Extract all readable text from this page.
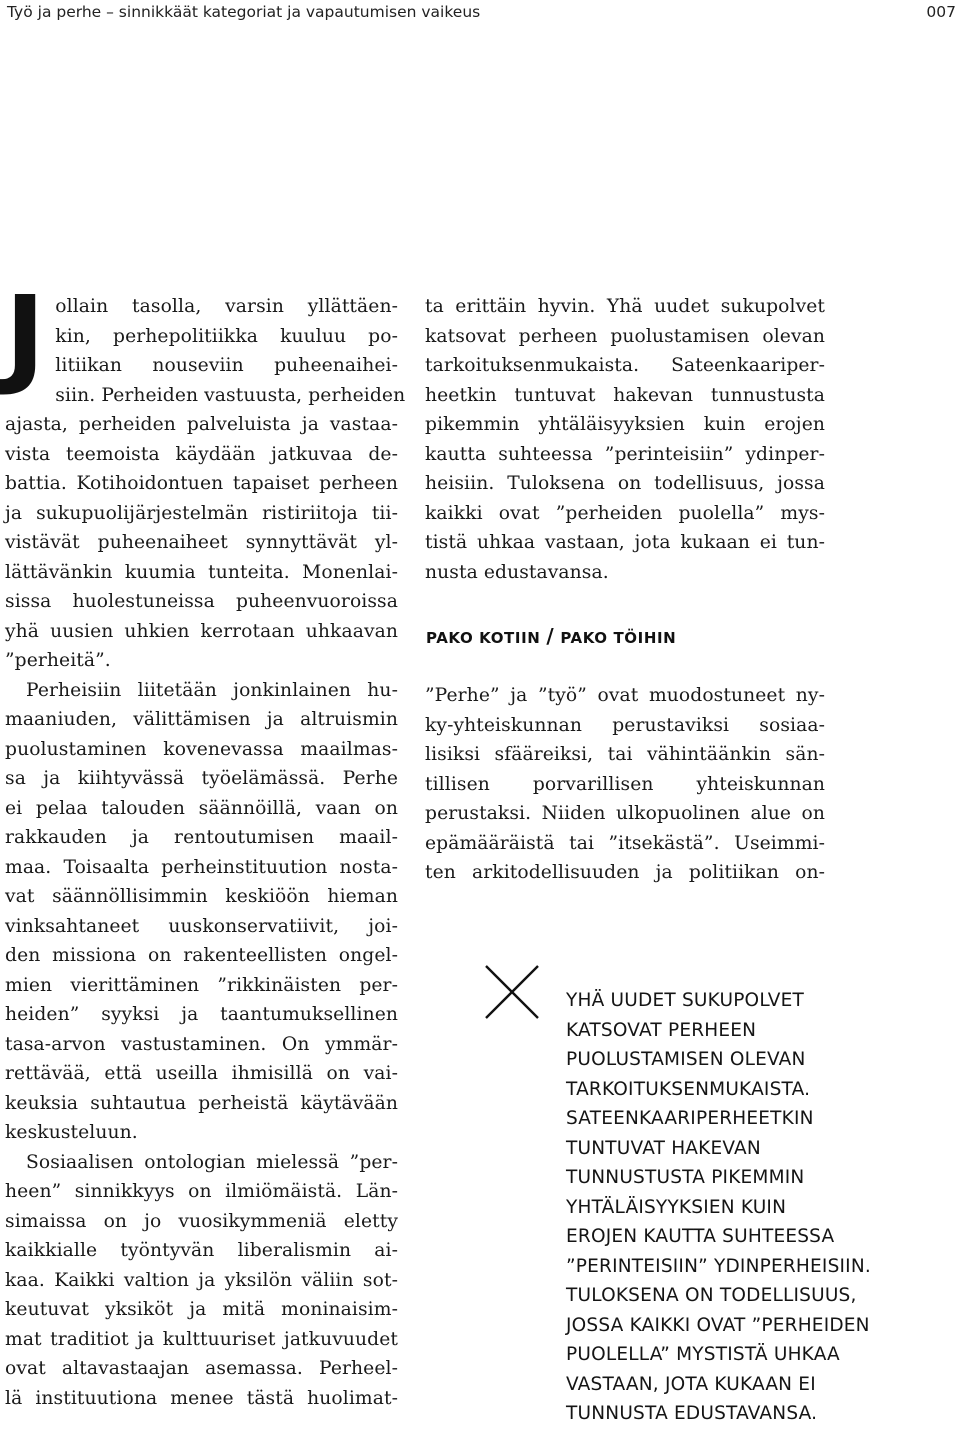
Työ ja perhe – sinnikkäät kategoriat ja vapautumisen vaikeus	007

J ollain tasolla, varsin yllättäen-
kin, perhepolitiikka kuuluu po-
litiikan nouseviin puheenaihei-
siin. Perheiden vastuusta, perheiden
ajasta, perheiden palveluista ja vastaa-
vista teemoista käydään jatkuvaa de-
battia. Kotihoidontuen tapaiset perheen
ja sukupuolijärjestelmän ristiriitoja tii-
vistävät puheenaiheet synnyttävät yl-
lättävänkin kuumia tunteita. Monenlai-
sissa huolestuneissa puheenvuoroissa
yhä uusien uhkien kerrotaan uhkaavan
”perheitä”.

Perheisiin liitetään jonkinlainen hu-
maaniuden, välittämisen ja altruismin
puolustaminen kovenevassa maailmas-
sa ja kiihtyvässä työelämässä. Perhe
ei pelaa talouden säännöillä, vaan on
rakkauden ja rentoutumisen maail-
maa. Toisaalta perheinstituution nosta-
vat säännöllisimmin keskiöön hieman
vinksahtaneet uuskonservatiivit, joi-
den missiona on rakenteellisten ongel-
mien vierittäminen ”rikkinäisten per-
heiden” syyksi ja taantumuksellinen
tasa-arvon vastustaminen. On ymmär-
rettävää, että useilla ihmisillä on vai-
keuksia suhtautua perheistä käytävään
keskusteluun.

Sosiaalisen ontologian mielessä ”per-
heen” sinnikkyys on ilmiömäistä. Län-
simaissa on jo vuosikymmeniä eletty
kaikkialle työntyvän liberalismin ai-
kaa. Kaikki valtion ja yksilön väliin sot-
keutuvat yksiköt ja mitä moninaisim-
mat traditiot ja kulttuuriset jatkuvuudet
ovat altavastaajan asemassa. Perheel-
lä instituutiona menee tästä huolimat-

ta erittäin hyvin. Yhä uudet sukupolvet
katsovat perheen puolustamisen olevan
tarkoituksenmukaista. Sateenkaariper-
heetkin tuntuvat hakevan tunnustusta
pikemmin yhtäläisyyksien kuin erojen
kautta suhteessa ”perinteisiin” ydinper-
heisiin. Tuloksena on todellisuus, jossa
kaikki ovat ”perheiden puolella” mys-
tistä uhkaa vastaan, jota kukaan ei tun-
nusta edustavansa.

PAKO KOTIIN / PAKO TÖIHIN

”Perhe” ja ”työ” ovat muodostuneet ny-
ky-yhteiskunnan perustaviksi sosiaa-
lisiksi sfääreiksi, tai vähintäänkin sän-
tillisen porvarillisen yhteiskunnan
perustaksi. Niiden ulkopuolinen alue on
epämääräistä tai ”itsekästä”. Useimmi-
ten arkitodellisuuden ja politiikan on-

YHÄ UUDET SUKUPOLVET
KATSOVAT PERHEEN
PUOLUSTAMISEN OLEVAN
TARKOITUKSENMUKAISTA.
SATEENKAARIPERHEETKIN
TUNTUVAT HAKEVAN
TUNNUSTUSTA PIKEMMIN
YHTÄLÄISYYKSIEN KUIN
EROJEN KAUTTA SUHTEESSA
”PERINTEISIIN” YDINPERHEISIIN.
TULOKSENA ON TODELLISUUS,
JOSSA KAIKKI OVAT ”PERHEIDEN
PUOLELLA” MYSTISTÄ UHKAA
VASTAAN, JOTA KUKAAN EI
TUNNUSTA EDUSTAVANSA.
